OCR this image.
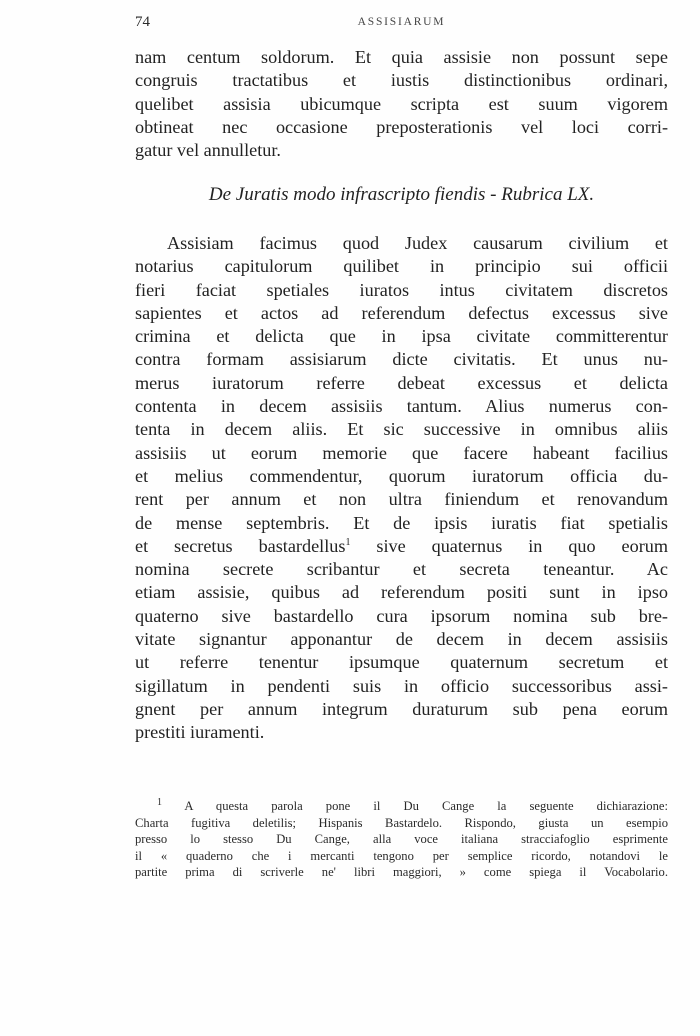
74	ASSISIARUM
nam centum soldorum. Et quia assisie non possunt sepe
congruis tractatibus et iustis distinctionibus ordinari,
quelibet assisia ubicumque scripta est suum vigorem
obtineat nec occasione preposterationis vel loci corri-
gatur vel annulletur.
De Juratis modo infrascripto fiendis - Rubrica LX.
Assisiam facimus quod Judex causarum civilium et
notarius capitulorum quilibet in principio sui officii
fieri faciat spetiales iuratos intus civitatem discretos
sapientes et actos ad referendum defectus excessus sive
crimina et delicta que in ipsa civitate committerentur
contra formam assisiarum dicte civitatis. Et unus nu-
merus iuratorum referre debeat excessus et delicta
contenta in decem assisiis tantum. Alius numerus con-
tenta in decem aliis. Et sic successive in omnibus aliis
assisiis ut eorum memorie que facere habeant facilius
et melius commendentur, quorum iuratorum officia du-
rent per annum et non ultra finiendum et renovandum
de mense septembris. Et de ipsis iuratis fiat spetialis
et secretus bastardellus$^1$ sive quaternus in quo eorum
nomina secrete scribantur et secreta teneantur. Ac
etiam assisie, quibus ad referendum positi sunt in ipso
quaterno sive bastardello cura ipsorum nomina sub bre-
vitate signantur apponantur de decem in decem assisiis
ut referre tenentur ipsumque quaternum secretum et
sigillatum in pendenti suis in officio successoribus assi-
gnent per annum integrum duraturum sub pena eorum
prestiti iuramenti.
$^1$ A questa parola pone il Du Cange la seguente dichiarazione:
Charta fugitiva deletilis; Hispanis Bastardelo. Rispondo, giusta un esempio
presso lo stesso Du Cange, alla voce italiana stracciafoglio esprimente
il « quaderno che i mercanti tengono per semplice ricordo, notandovi le
partite prima di scriverle ne' libri maggiori, » come spiega il Vocabolario.
